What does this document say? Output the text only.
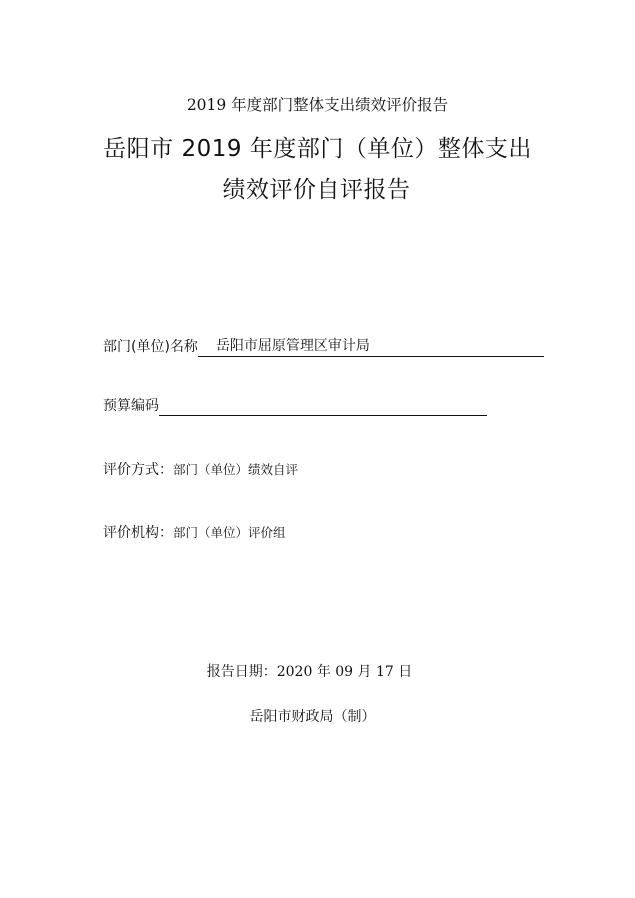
2019 年度部门整体支出绩效评价报告
岳阳市 2019 年度部门（单位）整体支出
绩效评价自评报告
部门(单位)名称	岳阳市屈原管理区审计局
预算编码
评价方式：部门（单位）绩效自评
评价机构：部门（单位）评价组
报告日期：2020 年 09 月 17 日
岳阳市财政局（制）
